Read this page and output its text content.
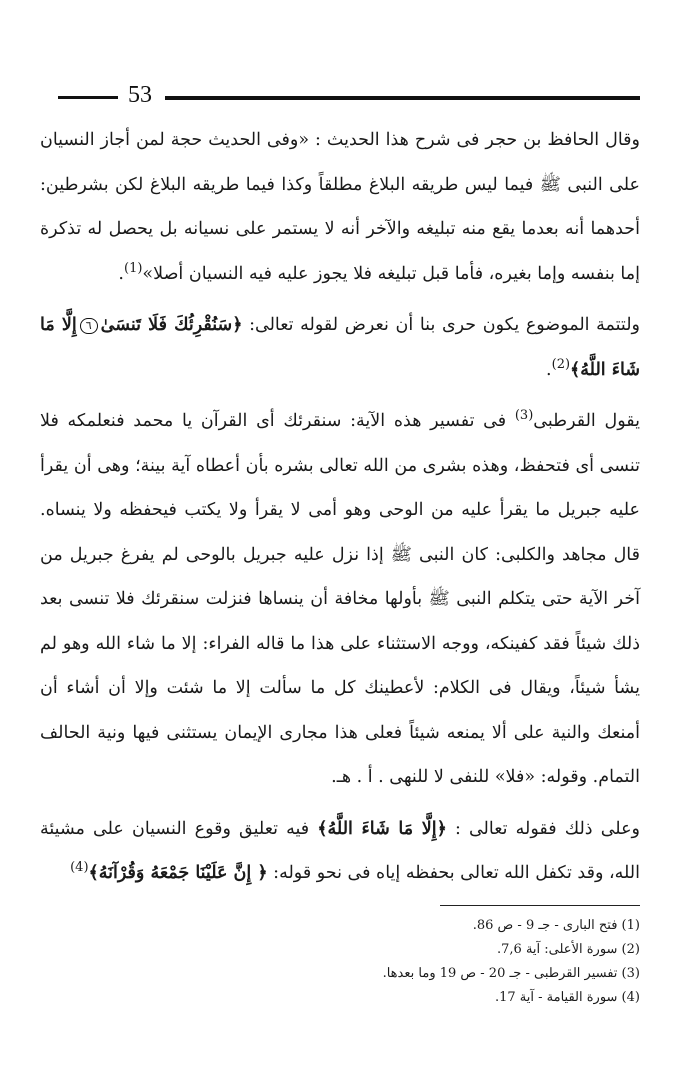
53

وقال الحافظ بن حجر فى شرح هذا الحديث : «وفى الحديث حجة لمن أجاز النسيان على النبى ﷺ فيما ليس طريقه البلاغ مطلقاً وكذا فيما طريقه البلاغ لكن بشرطين: أحدهما أنه بعدما يقع منه تبليغه والآخر أنه لا يستمر على نسيانه بل يحصل له تذكرة إما بنفسه وإما بغيره، فأما قبل تبليغه فلا يجوز عليه فيه النسيان أصلا»$^{(1)}$.

ولتتمة الموضوع يكون حرى بنا أن نعرض لقوله تعالى: ﴿سَنُقْرِئُكَ فَلَا تَنسَىٰ٦إِلَّا مَا شَاءَ اللَّهُ﴾$^{(2)}$.

يقول القرطبى$^{(3)}$ فى تفسير هذه الآية: سنقرئك أى القرآن يا محمد فنعلمكه فلا تنسى أى فتحفظ، وهذه بشرى من الله تعالى بشره بأن أعطاه آية بينة؛ وهى أن يقرأ عليه جبريل ما يقرأ عليه من الوحى وهو أمى لا يقرأ ولا يكتب فيحفظه ولا ينساه. قال مجاهد والكلبى: كان النبى ﷺ إذا نزل عليه جبريل بالوحى لم يفرغ جبريل من آخر الآية حتى يتكلم النبى ﷺ بأولها مخافة أن ينساها فنزلت سنقرئك فلا تنسى بعد ذلك شيئاً فقد كفينكه، ووجه الاستثناء على هذا ما قاله الفراء: إلا ما شاء الله وهو لم يشأ شيئاً، ويقال فى الكلام: لأعطينك كل ما سألت إلا ما شئت وإلا أن أشاء أن أمنعك والنية على ألا يمنعه شيئاً فعلى هذا مجارى الإيمان يستثنى فيها ونية الحالف التمام. وقوله: «فلا» للنفى لا للنهى . أ . هـ.

وعلى ذلك فقوله تعالى : ﴿إِلَّا مَا شَاءَ اللَّهُ﴾ فيه تعليق وقوع النسيان على مشيئة الله، وقد تكفل الله تعالى بحفظه إياه فى نحو قوله: ﴿ إِنَّ عَلَيْنَا جَمْعَهُ وَقُرْآنَهُ﴾$^{(4)}$

(1) فتح البارى - جـ 9 - ص 86.
(2) سورة الأعلى: آية 7,6.
(3) تفسير القرطبى - جـ 20 - ص 19 وما بعدها.
(4) سورة القيامة - آية 17.
